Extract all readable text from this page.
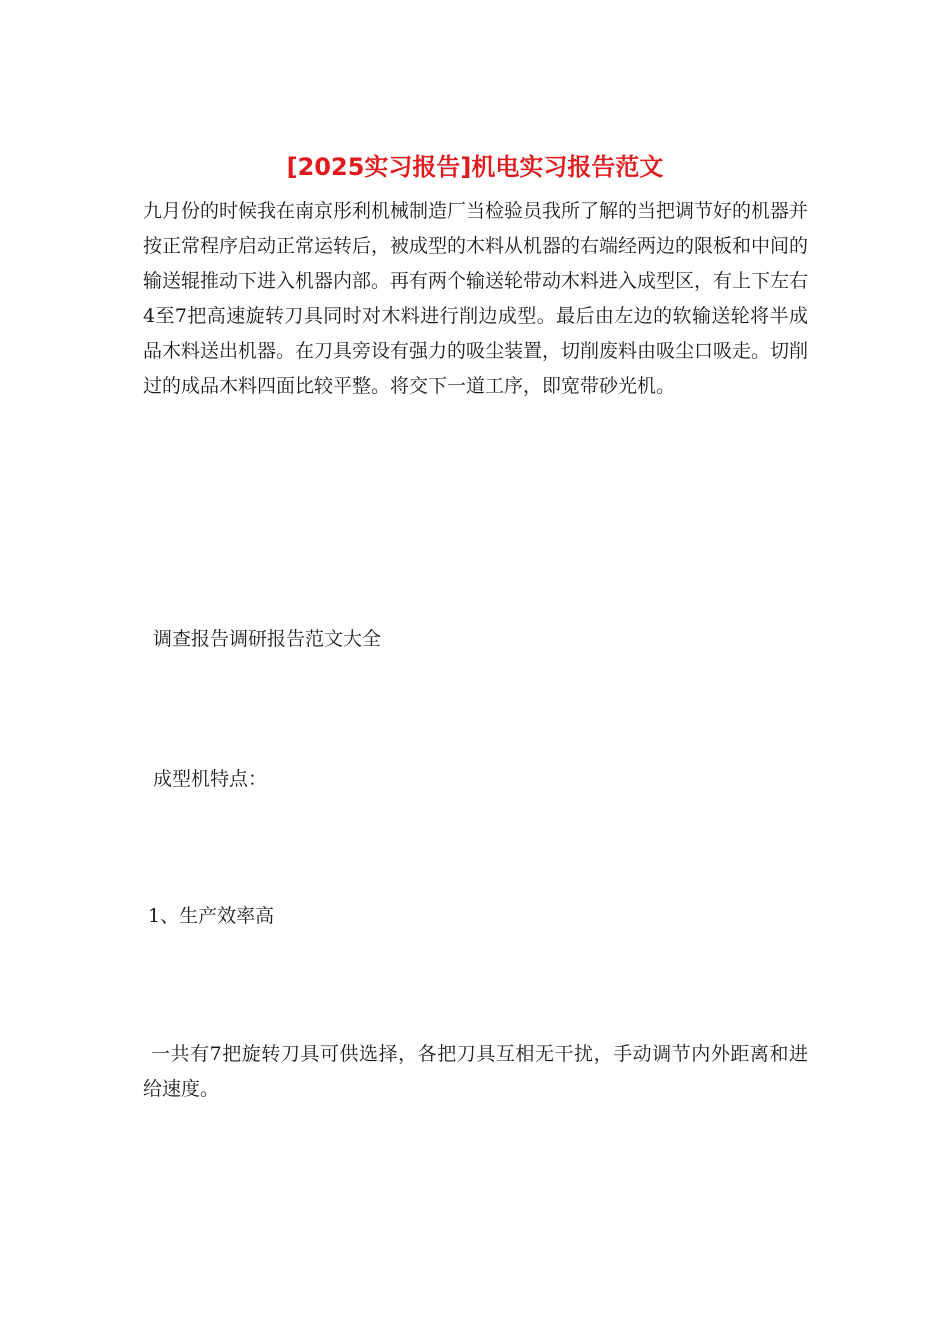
[2025实习报告]机电实习报告范文

九月份的时候我在南京彤利机械制造厂当检验员我所了解的当把调节好的机器并按正常程序启动正常运转后，被成型的木料从机器的右端经两边的限板和中间的输送辊推动下进入机器内部。再有两个输送轮带动木料进入成型区，有上下左右4至7把高速旋转刀具同时对木料进行削边成型。最后由左边的软输送轮将半成品木料送出机器。在刀具旁设有强力的吸尘装置，切削废料由吸尘口吸走。切削过的成品木料四面比较平整。将交下一道工序，即宽带砂光机。

调查报告调研报告范文大全

成型机特点：

1、生产效率高

一共有7把旋转刀具可供选择，各把刀具互相无干扰，手动调节内外距离和进给速度。
